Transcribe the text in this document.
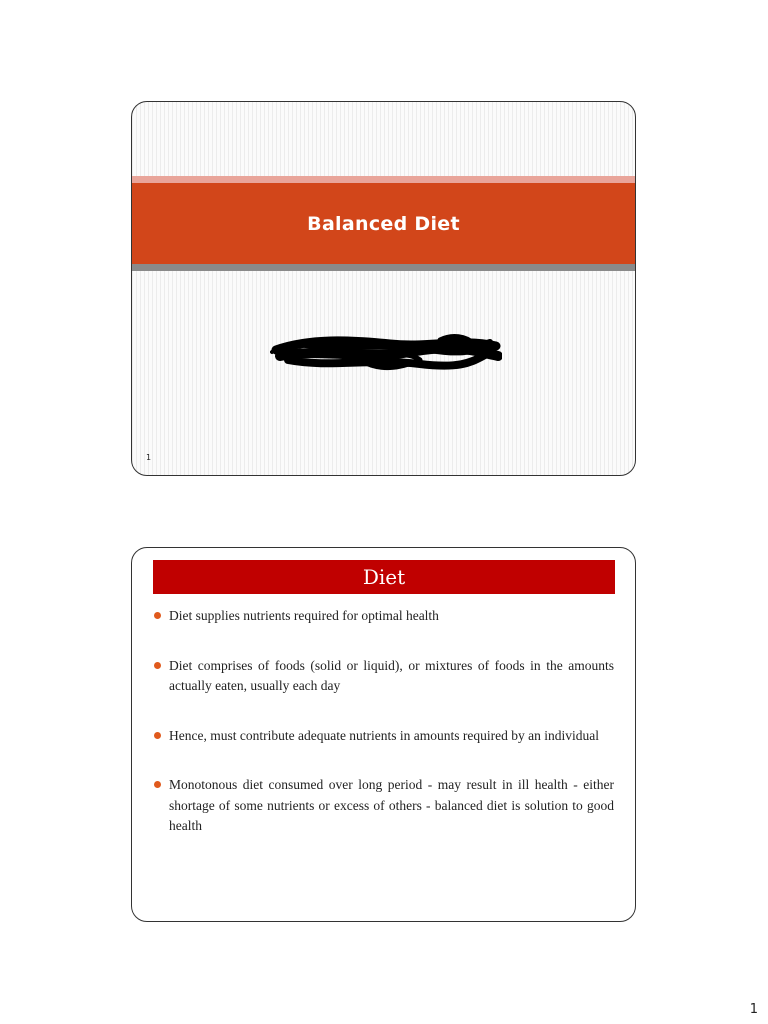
Balanced Diet
1
Diet
Diet supplies nutrients required for optimal health
Diet comprises of foods (solid or liquid), or mixtures of foods in the amounts actually eaten, usually each day
Hence, must contribute adequate nutrients in amounts required by an individual
Monotonous diet consumed over long period - may result in ill health - either shortage of some nutrients or excess of others - balanced diet is solution to good health
1
